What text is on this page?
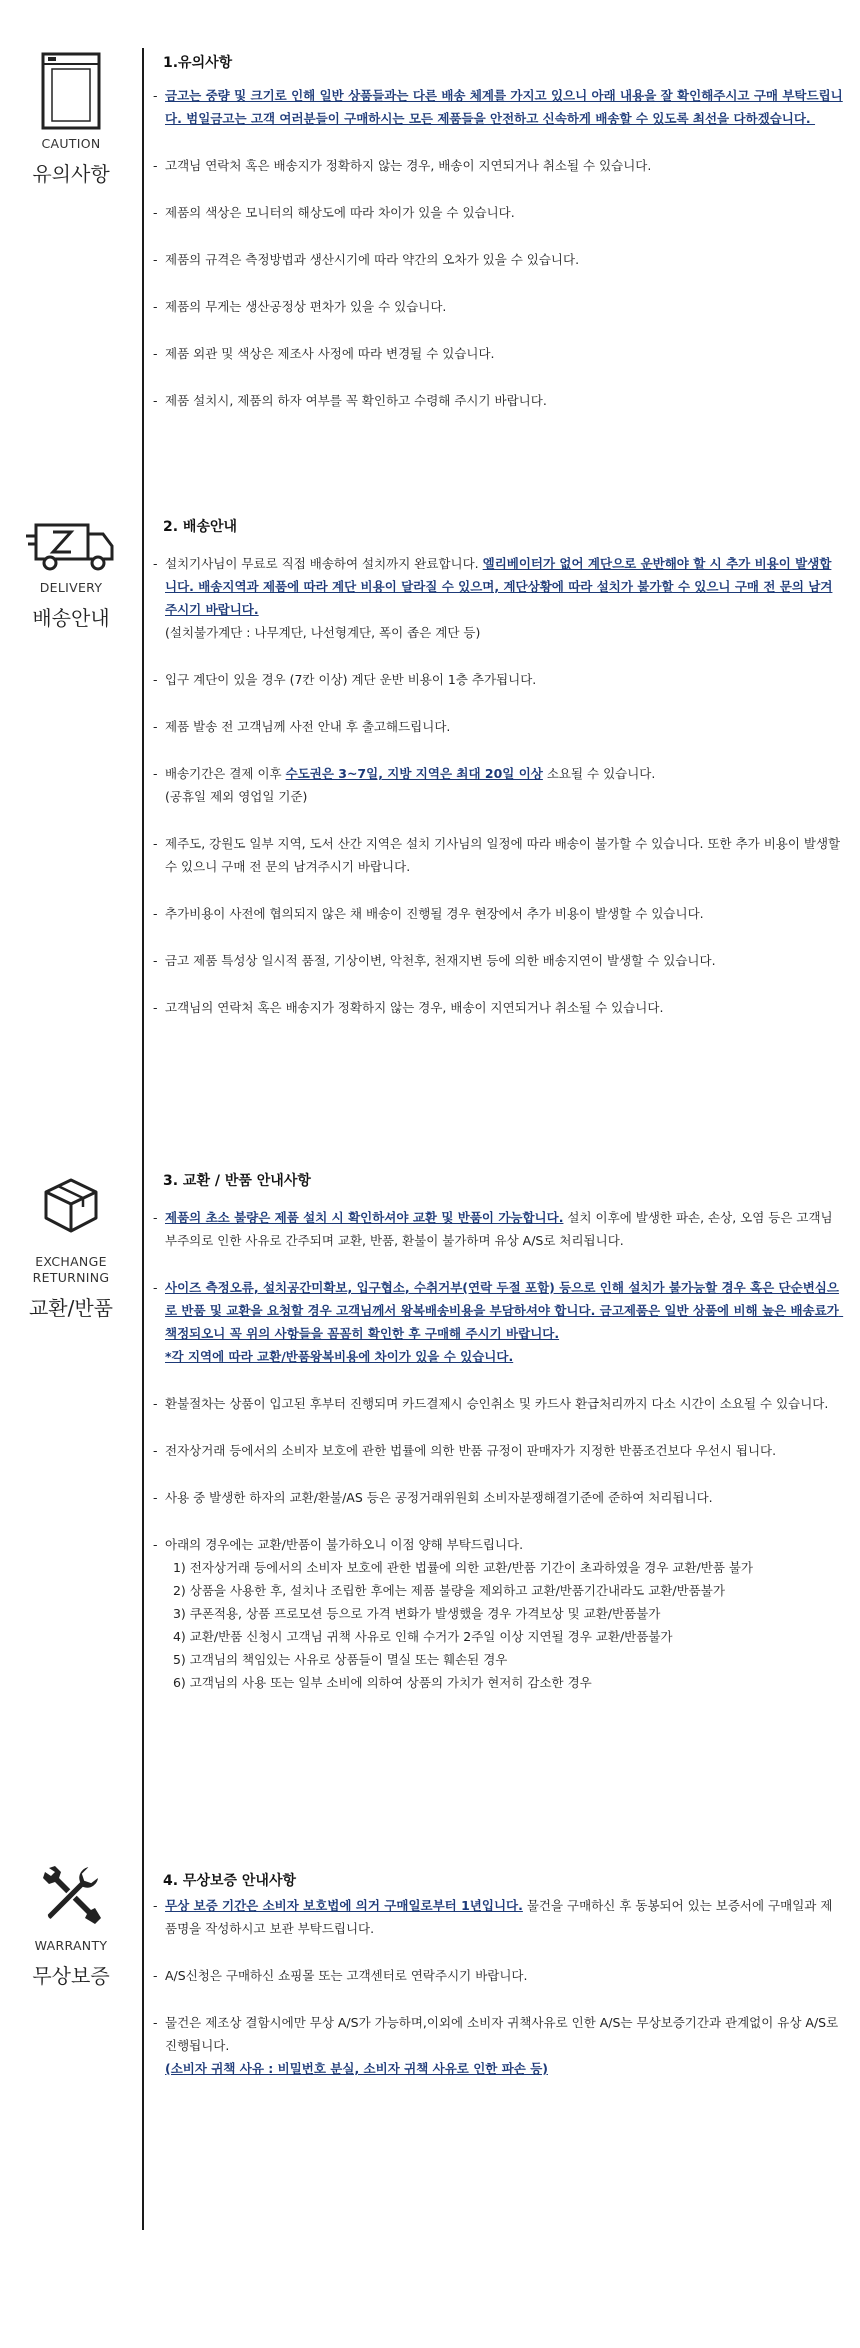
CAUTION
유의사항
1.유의사항
- 금고는 중량 및 크기로 인해 일반 상품들과는 다른 배송 체계를 가지고 있으니 아래 내용을 잘 확인해주시고 구매 부탁드립니다. 범일금고는 고객 여러분들이 구매하시는 모든 제품들을 안전하고 신속하게 배송할 수 있도록 최선을 다하겠습니다.
- 고객님 연락처 혹은 배송지가 정확하지 않는 경우, 배송이 지연되거나 취소될 수 있습니다.
- 제품의 색상은 모니터의 해상도에 따라 차이가 있을 수 있습니다.
- 제품의 규격은 측정방법과 생산시기에 따라 약간의 오차가 있을 수 있습니다.
- 제품의 무게는 생산공정상 편차가 있을 수 있습니다.
- 제품 외관 및 색상은 제조사 사정에 따라 변경될 수 있습니다.
- 제품 설치시, 제품의 하자 여부를 꼭 확인하고 수령해 주시기 바랍니다.
DELIVERY
배송안내
2. 배송안내
- 설치기사님이 무료로 직접 배송하여 설치까지 완료합니다. 엘리베이터가 없어 계단으로 운반해야 할 시 추가 비용이 발생합니다. 배송지역과 제품에 따라 계단 비용이 달라질 수 있으며, 계단상황에 따라 설치가 불가할 수 있으니 구매 전 문의 남겨주시기 바랍니다.
(설치불가계단 : 나무계단, 나선형계단, 폭이 좁은 계단 등)
- 입구 계단이 있을 경우 (7칸 이상) 계단 운반 비용이 1층 추가됩니다.
- 제품 발송 전 고객님께 사전 안내 후 출고해드립니다.
- 배송기간은 결제 이후 수도권은 3~7일, 지방 지역은 최대 20일 이상 소요될 수 있습니다.
(공휴일 제외 영업일 기준)
- 제주도, 강원도 일부 지역, 도서 산간 지역은 설치 기사님의 일정에 따라 배송이 불가할 수 있습니다. 또한 추가 비용이 발생할 수 있으니 구매 전 문의 남겨주시기 바랍니다.
- 추가비용이 사전에 협의되지 않은 채 배송이 진행될 경우 현장에서 추가 비용이 발생할 수 있습니다.
- 금고 제품 특성상 일시적 품절, 기상이변, 악천후, 천재지변 등에 의한 배송지연이 발생할 수 있습니다.
- 고객님의 연락처 혹은 배송지가 정확하지 않는 경우, 배송이 지연되거나 취소될 수 있습니다.
EXCHANGE
RETURNING
교환/반품
3. 교환 / 반품 안내사항
- 제품의 초소 불량은 제품 설치 시 확인하셔야 교환 및 반품이 가능합니다. 설치 이후에 발생한 파손, 손상, 오염 등은 고객님 부주의로 인한 사유로 간주되며 교환, 반품, 환불이 불가하며 유상 A/S로 처리됩니다.
- 사이즈 측정오류, 설치공간미확보, 입구협소, 수취거부(연락 두절 포함) 등으로 인해 설치가 불가능할 경우 혹은 단순변심으로 반품 및 교환을 요청할 경우 고객님께서 왕복배송비용을 부담하셔야 합니다. 금고제품은 일반 상품에 비해 높은 배송료가 책정되오니 꼭 위의 사항들을 꼼꼼히 확인한 후 구매해 주시기 바랍니다.
*각 지역에 따라 교환/반품왕복비용에 차이가 있을 수 있습니다.
- 환불절차는 상품이 입고된 후부터 진행되며 카드결제시 승인취소 및 카드사 환급처리까지 다소 시간이 소요될 수 있습니다.
- 전자상거래 등에서의 소비자 보호에 관한 법률에 의한 반품 규정이 판매자가 지정한 반품조건보다 우선시 됩니다.
- 사용 중 발생한 하자의 교환/환불/AS 등은 공정거래위원회 소비자분쟁해결기준에 준하여 처리됩니다.
- 아래의 경우에는 교환/반품이 불가하오니 이점 양해 부탁드립니다.
1) 전자상거래 등에서의 소비자 보호에 관한 법률에 의한 교환/반품 기간이 초과하였을 경우 교환/반품 불가
2) 상품을 사용한 후, 설치나 조립한 후에는 제품 불량을 제외하고 교환/반품기간내라도 교환/반품불가
3) 쿠폰적용, 상품 프로모션 등으로 가격 변화가 발생했을 경우 가격보상 및 교환/반품불가
4) 교환/반품 신청시 고객님 귀책 사유로 인해 수거가 2주일 이상 지연될 경우 교환/반품불가
5) 고객님의 책임있는 사유로 상품들이 멸실 또는 훼손된 경우
6) 고객님의 사용 또는 일부 소비에 의하여 상품의 가치가 현저히 감소한 경우
WARRANTY
무상보증
4. 무상보증 안내사항
- 무상 보증 기간은 소비자 보호법에 의거 구매일로부터 1년입니다. 물건을 구매하신 후 동봉되어 있는 보증서에 구매일과 제품명을 작성하시고 보관 부탁드립니다.
- A/S신청은 구매하신 쇼핑몰 또는 고객센터로 연락주시기 바랍니다.
- 물건은 제조상 결함시에만 무상 A/S가 가능하며,이외에 소비자 귀책사유로 인한 A/S는 무상보증기간과 관계없이 유상 A/S로 진행됩니다.
(소비자 귀책 사유 : 비밀번호 분실, 소비자 귀책 사유로 인한 파손 등)
